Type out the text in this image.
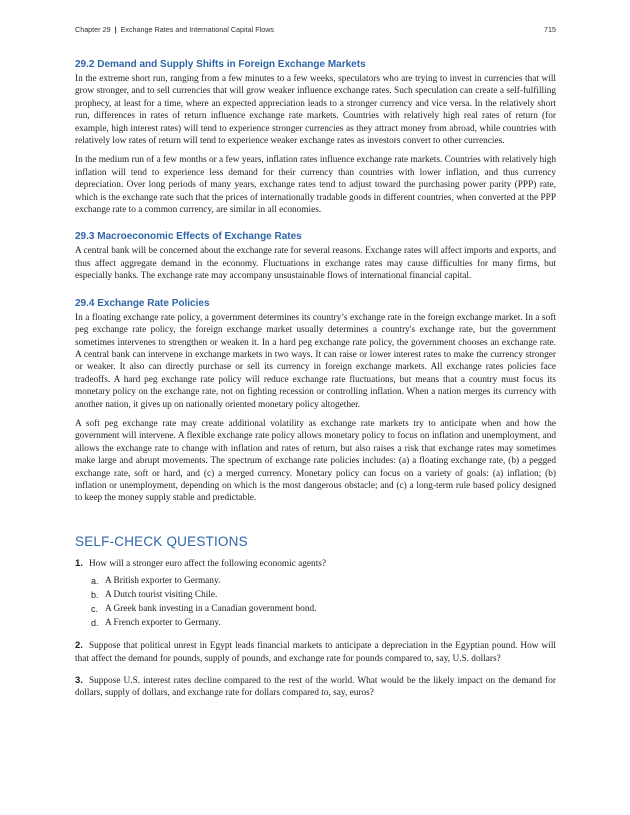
Chapter 29 | Exchange Rates and International Capital Flows	715
29.2 Demand and Supply Shifts in Foreign Exchange Markets

In the extreme short run, ranging from a few minutes to a few weeks, speculators who are trying to invest in currencies that will grow stronger, and to sell currencies that will grow weaker influence exchange rates. Such speculation can create a self-fulfilling prophecy, at least for a time, where an expected appreciation leads to a stronger currency and vice versa. In the relatively short run, differences in rates of return influence exchange rate markets. Countries with relatively high real rates of return (for example, high interest rates) will tend to experience stronger currencies as they attract money from abroad, while countries with relatively low rates of return will tend to experience weaker exchange rates as investors convert to other currencies.

In the medium run of a few months or a few years, inflation rates influence exchange rate markets. Countries with relatively high inflation will tend to experience less demand for their currency than countries with lower inflation, and thus currency depreciation. Over long periods of many years, exchange rates tend to adjust toward the purchasing power parity (PPP) rate, which is the exchange rate such that the prices of internationally tradable goods in different countries, when converted at the PPP exchange rate to a common currency, are similar in all economies.

29.3 Macroeconomic Effects of Exchange Rates

A central bank will be concerned about the exchange rate for several reasons. Exchange rates will affect imports and exports, and thus affect aggregate demand in the economy. Fluctuations in exchange rates may cause difficulties for many firms, but especially banks. The exchange rate may accompany unsustainable flows of international financial capital.

29.4 Exchange Rate Policies

In a floating exchange rate policy, a government determines its country’s exchange rate in the foreign exchange market. In a soft peg exchange rate policy, the foreign exchange market usually determines a country's exchange rate, but the government sometimes intervenes to strengthen or weaken it. In a hard peg exchange rate policy, the government chooses an exchange rate. A central bank can intervene in exchange markets in two ways. It can raise or lower interest rates to make the currency stronger or weaker. It also can directly purchase or sell its currency in foreign exchange markets. All exchange rates policies face tradeoffs. A hard peg exchange rate policy will reduce exchange rate fluctuations, but means that a country must focus its monetary policy on the exchange rate, not on fighting recession or controlling inflation. When a nation merges its currency with another nation, it gives up on nationally oriented monetary policy altogether.

A soft peg exchange rate may create additional volatility as exchange rate markets try to anticipate when and how the government will intervene. A flexible exchange rate policy allows monetary policy to focus on inflation and unemployment, and allows the exchange rate to change with inflation and rates of return, but also raises a risk that exchange rates may sometimes make large and abrupt movements. The spectrum of exchange rate policies includes: (a) a floating exchange rate, (b) a pegged exchange rate, soft or hard, and (c) a merged currency. Monetary policy can focus on a variety of goals: (a) inflation; (b) inflation or unemployment, depending on which is the most dangerous obstacle; and (c) a long-term rule based policy designed to keep the money supply stable and predictable.

SELF-CHECK QUESTIONS

1. How will a stronger euro affect the following economic agents?

a. A British exporter to Germany.
b. A Dutch tourist visiting Chile.
c. A Greek bank investing in a Canadian government bond.
d. A French exporter to Germany.

2. Suppose that political unrest in Egypt leads financial markets to anticipate a depreciation in the Egyptian pound. How will that affect the demand for pounds, supply of pounds, and exchange rate for pounds compared to, say, U.S. dollars?

3. Suppose U.S. interest rates decline compared to the rest of the world. What would be the likely impact on the demand for dollars, supply of dollars, and exchange rate for dollars compared to, say, euros?
